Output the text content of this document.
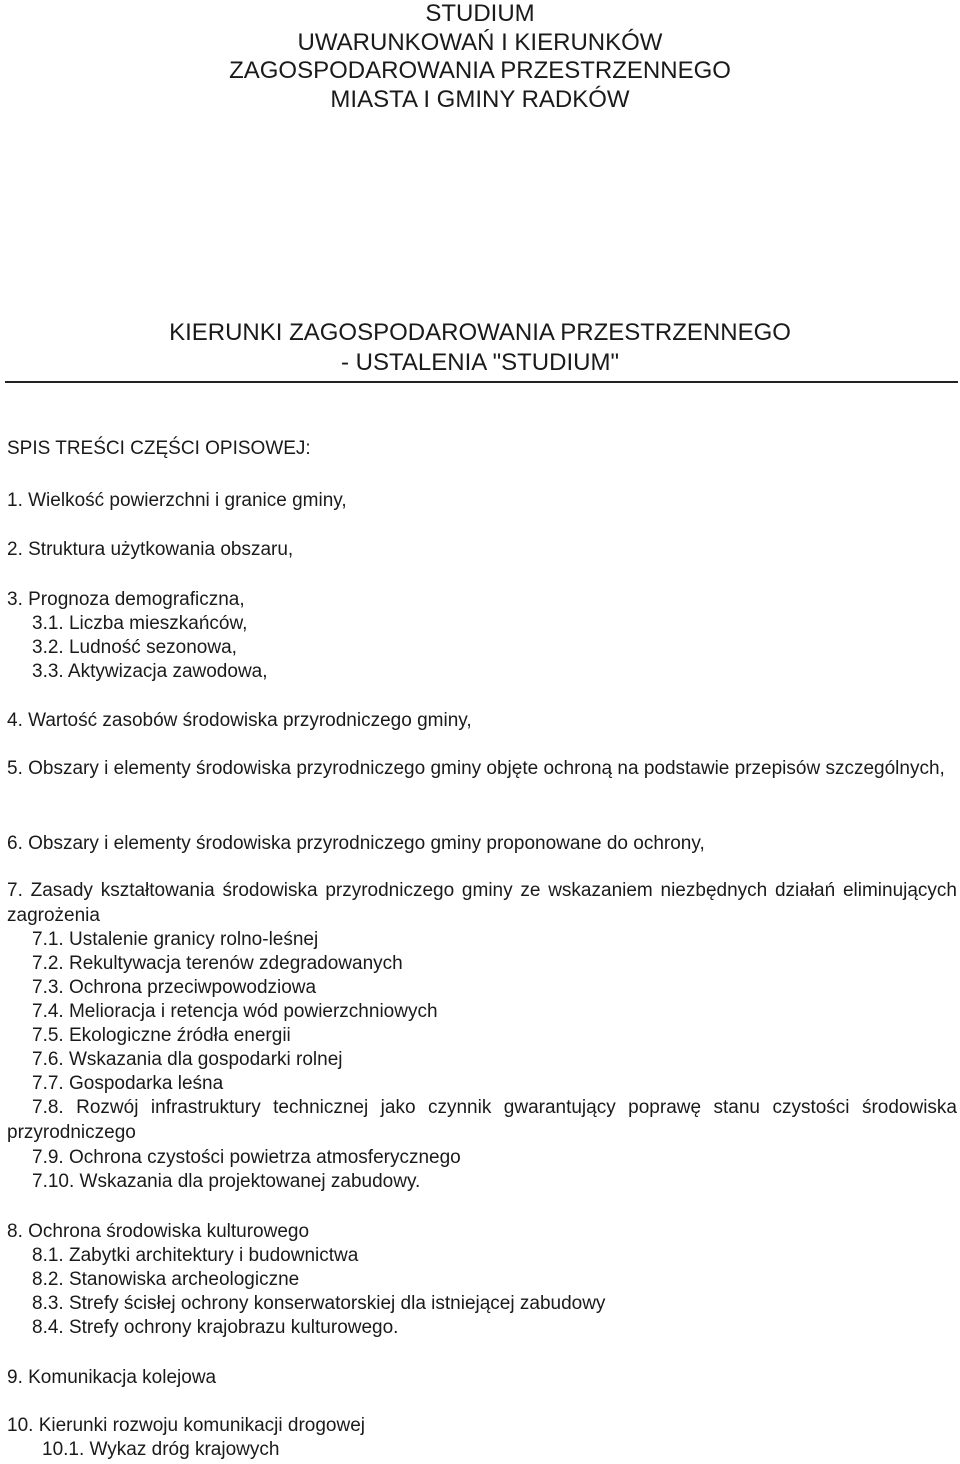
STUDIUM
UWARUNKOWAŃ I KIERUNKÓW
ZAGOSPODAROWANIA PRZESTRZENNEGO
MIASTA I GMINY RADKÓW
KIERUNKI ZAGOSPODAROWANIA PRZESTRZENNEGO
- USTALENIA "STUDIUM"
SPIS TREŚCI CZĘŚCI OPISOWEJ:
1. Wielkość powierzchni i granice gminy,
2. Struktura użytkowania obszaru,
3. Prognoza demograficzna,
3.1. Liczba mieszkańców,
3.2. Ludność sezonowa,
3.3. Aktywizacja zawodowa,
4. Wartość zasobów środowiska przyrodniczego gminy,
5. Obszary i elementy środowiska przyrodniczego gminy objęte ochroną na podstawie przepisów szczególnych,
6. Obszary i elementy środowiska przyrodniczego gminy proponowane do ochrony,
7. Zasady kształtowania środowiska przyrodniczego gminy ze wskazaniem niezbędnych działań eliminujących zagrożenia
7.1. Ustalenie granicy rolno-leśnej
7.2. Rekultywacja terenów zdegradowanych
7.3. Ochrona przeciwpowodziowa
7.4. Melioracja i retencja wód powierzchniowych
7.5. Ekologiczne źródła energii
7.6. Wskazania dla gospodarki rolnej
7.7. Gospodarka leśna
7.8. Rozwój infrastruktury technicznej jako czynnik gwarantujący poprawę stanu czystości środowiska przyrodniczego
7.9. Ochrona czystości powietrza atmosferycznego
7.10. Wskazania dla projektowanej zabudowy.
8. Ochrona środowiska kulturowego
8.1. Zabytki architektury i budownictwa
8.2. Stanowiska archeologiczne
8.3. Strefy ścisłej ochrony konserwatorskiej dla istniejącej zabudowy
8.4. Strefy ochrony krajobrazu kulturowego.
9. Komunikacja kolejowa
10. Kierunki rozwoju komunikacji drogowej
10.1. Wykaz dróg krajowych
